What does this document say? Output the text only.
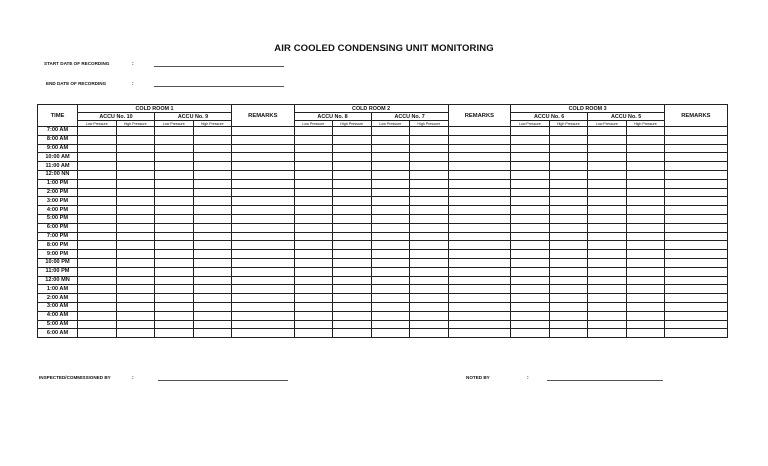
AIR COOLED CONDENSING UNIT MONITORING
START DATE OF RECORDING	:
END DATE OF RECORDING	:
TIME	COLD ROOM 1				REMARKS	COLD ROOM 2				REMARKS	COLD ROOM 3				REMARKS
	ACCU No. 10		ACCU No. 9			ACCU No. 8		ACCU No. 7			ACCU No. 6		ACCU No. 5		
	Low Pressure	High Pressure	Low Pressure	High Pressure		Low Pressure	High Pressure	Low Pressure	High Pressure		Low Pressure	High Pressure	Low Pressure	High Pressure	
7:00 AM															
8:00 AM															
9:00 AM															
10:00 AM															
11:00 AM															
12:00 NN															
1:00 PM															
2:00 PM															
3:00 PM															
4:00 PM															
5:00 PM															
6:00 PM															
7:00 PM															
8:00 PM															
9:00 PM															
10:00 PM															
11:00 PM															
12:00 MN															
1:00 AM															
2:00 AM															
3:00 AM															
4:00 AM															
5:00 AM															
6:00 AM															
INSPECTED/COMMISSIONED BY	:	NOTED BY	:
